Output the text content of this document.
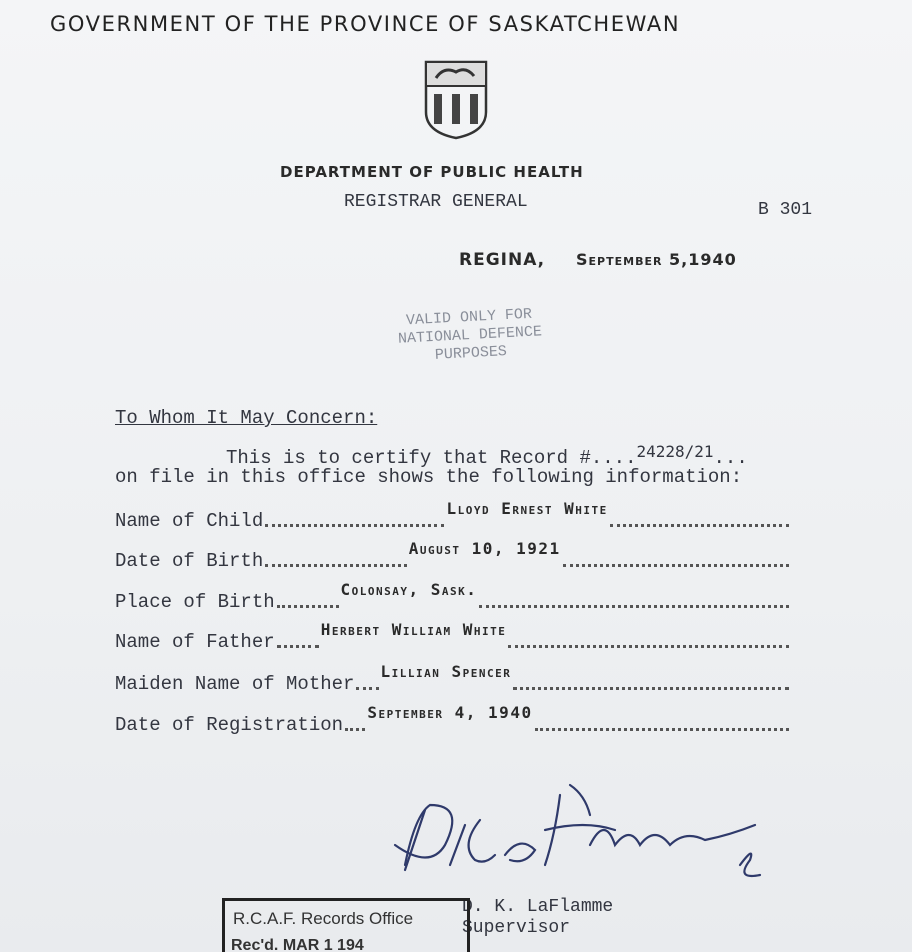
GOVERNMENT OF THE PROVINCE OF SASKATCHEWAN
DEPARTMENT OF PUBLIC HEALTH
REGISTRAR GENERAL	B 301
REGINA, September 5,1940
VALID ONLY FOR
NATIONAL DEFENCE
PURPOSES
To Whom It May Concern:
This is to certify that Record #....$^{24228/21}$...
on file in this office shows the following information:
Name of Child
Lloyd Ernest White
Date of Birth
August 10, 1921
Place of Birth
Colonsay, Sask.
Name of Father
Herbert William White
Maiden Name of Mother
Lillian Spencer
Date of Registration
September 4, 1940
D. K. LaFlamme
Supervisor
R.C.A.F. Records Office
Rec'd. MAR 1 194
